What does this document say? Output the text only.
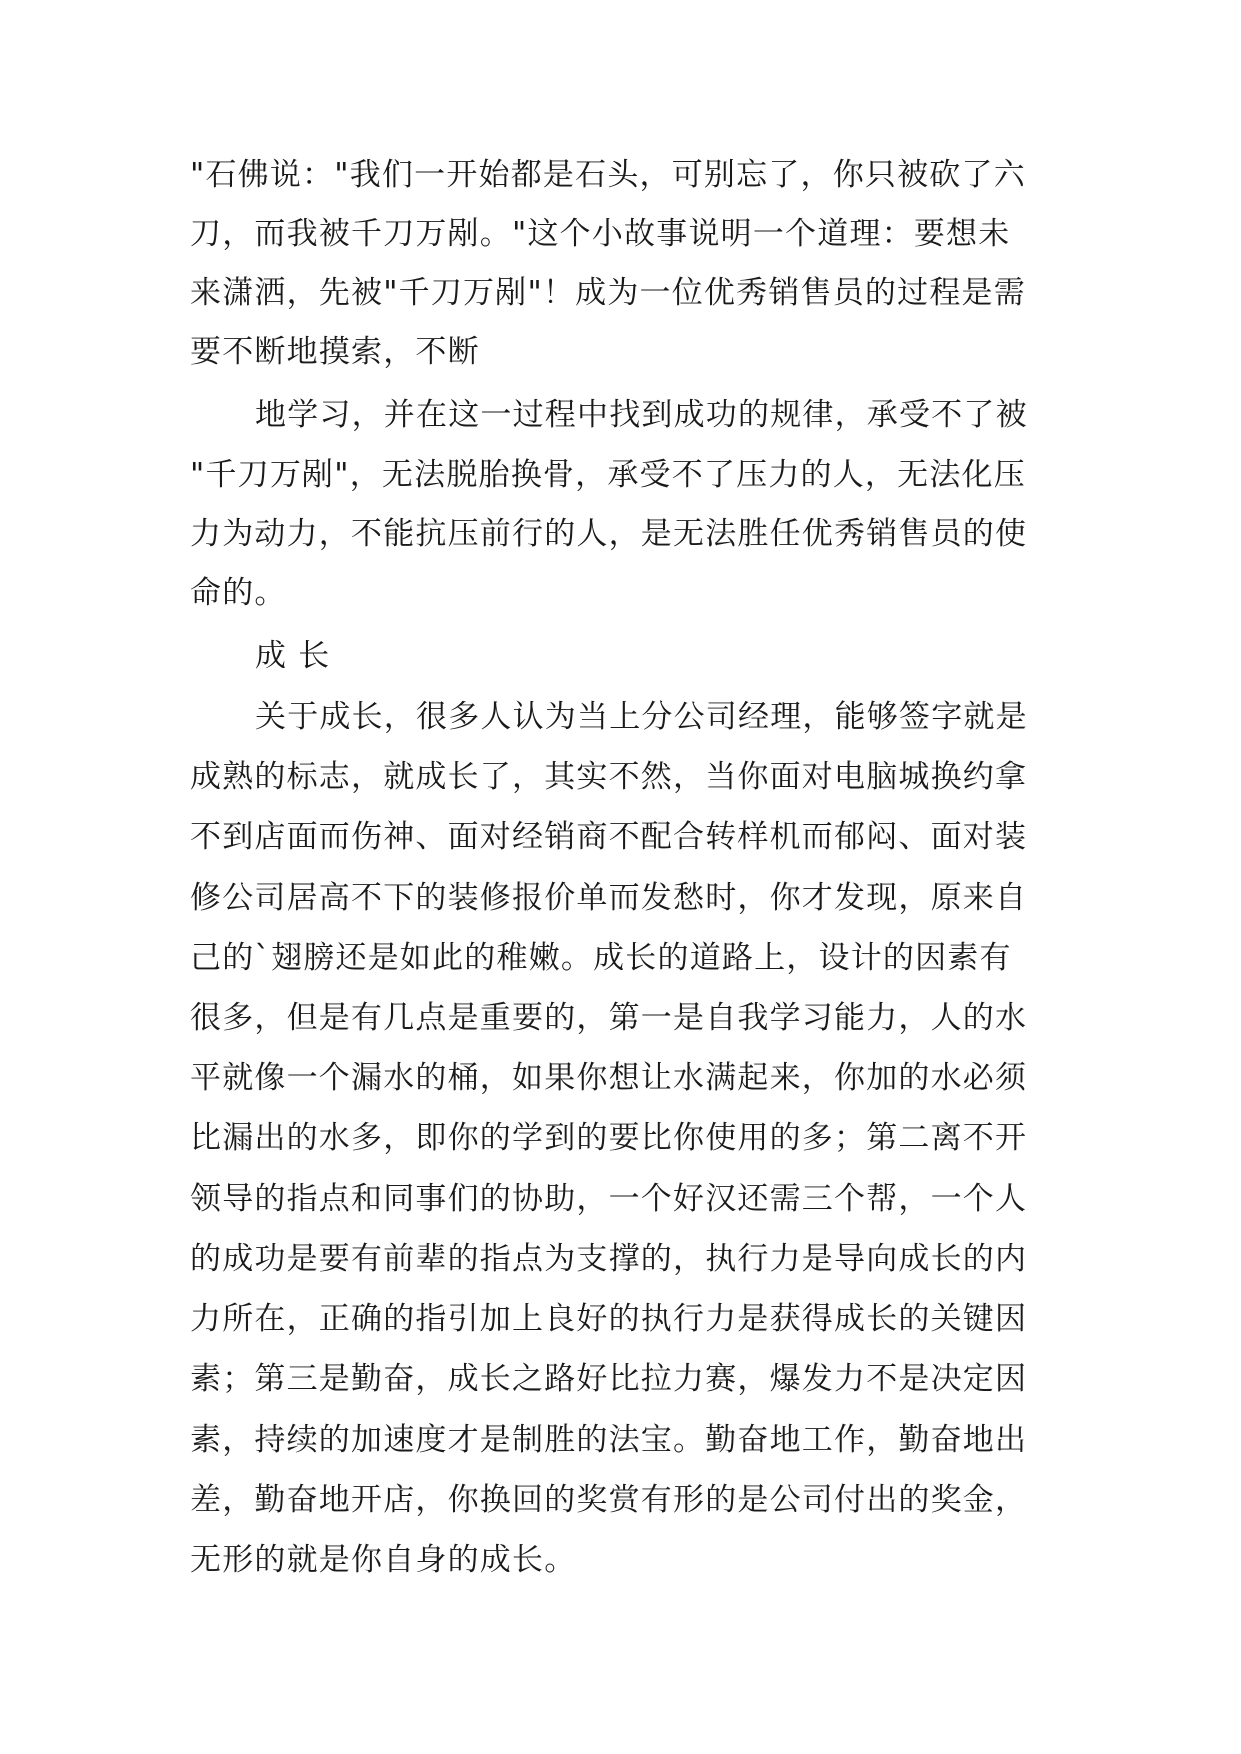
"石佛说："我们一开始都是石头，可别忘了，你只被砍了六
刀，而我被千刀万剐。"这个小故事说明一个道理：要想未
来潇洒，先被"千刀万剐"！成为一位优秀销售员的过程是需
要不断地摸索，不断
地学习，并在这一过程中找到成功的规律，承受不了被
"千刀万剐"，无法脱胎换骨，承受不了压力的人，无法化压
力为动力，不能抗压前行的人，是无法胜任优秀销售员的使
命的。
成 长
关于成长，很多人认为当上分公司经理，能够签字就是
成熟的标志，就成长了，其实不然，当你面对电脑城换约拿
不到店面而伤神、面对经销商不配合转样机而郁闷、面对装
修公司居高不下的装修报价单而发愁时，你才发现，原来自
己的`翅膀还是如此的稚嫩。成长的道路上，设计的因素有
很多，但是有几点是重要的，第一是自我学习能力，人的水
平就像一个漏水的桶，如果你想让水满起来，你加的水必须
比漏出的水多，即你的学到的要比你使用的多；第二离不开
领导的指点和同事们的协助，一个好汉还需三个帮，一个人
的成功是要有前辈的指点为支撑的，执行力是导向成长的内
力所在，正确的指引加上良好的执行力是获得成长的关键因
素；第三是勤奋，成长之路好比拉力赛，爆发力不是决定因
素，持续的加速度才是制胜的法宝。勤奋地工作，勤奋地出
差，勤奋地开店，你换回的奖赏有形的是公司付出的奖金，
无形的就是你自身的成长。
